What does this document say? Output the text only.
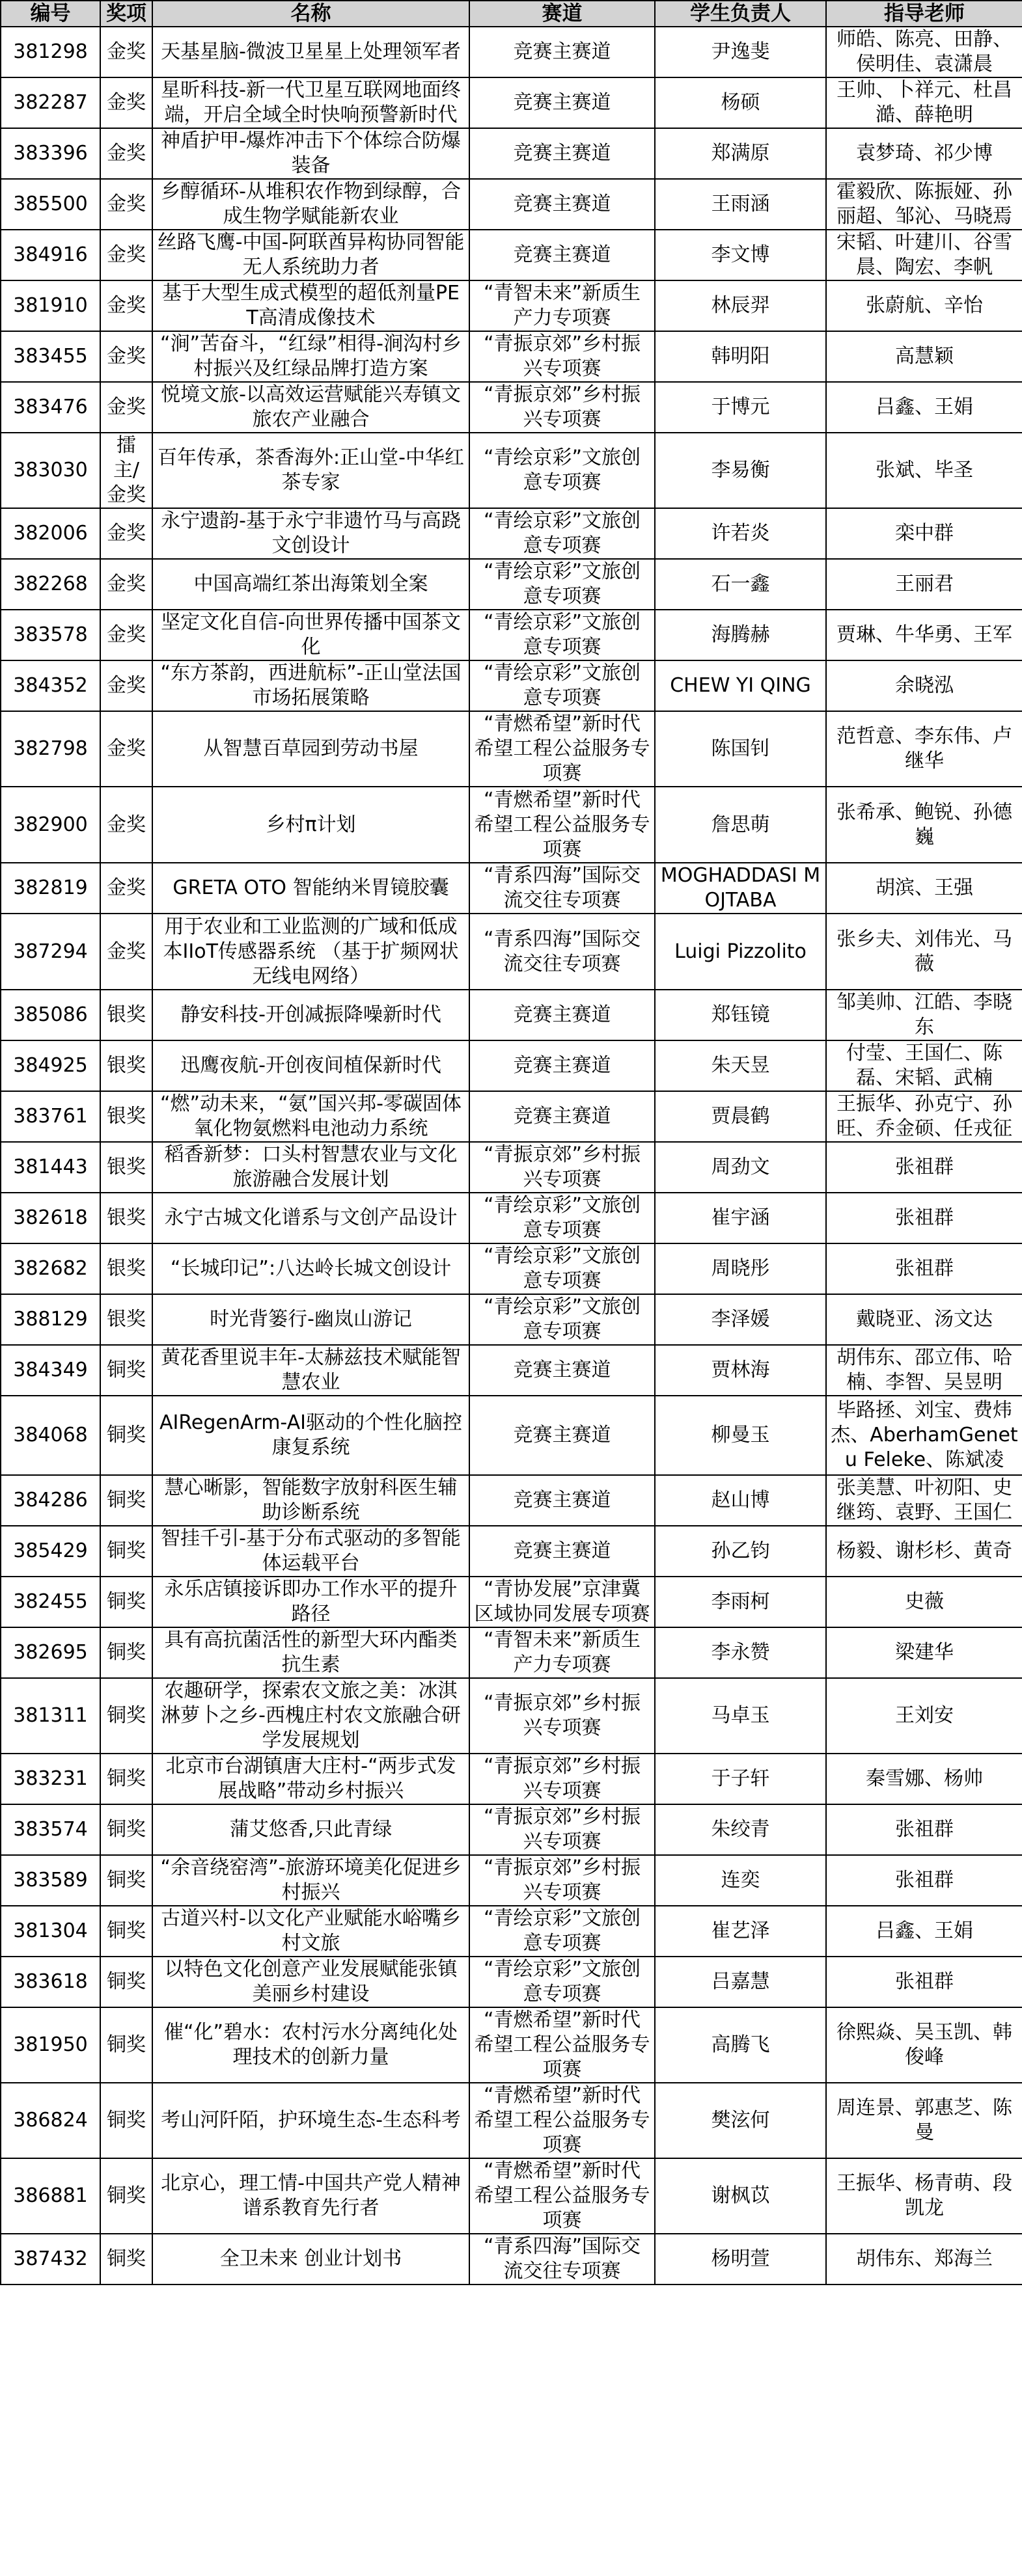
编号	奖项	名称	赛道	学生负责人	指导老师
381298	金奖	天基星脑-微波卫星星上处理领军者	竞赛主赛道	尹逸斐	师皓、陈亮、田静、侯明佳、袁潇晨
382287	金奖	星昕科技-新一代卫星互联网地面终端，开启全域全时快响预警新时代	竞赛主赛道	杨硕	王帅、卜祥元、杜昌澔、薛艳明
383396	金奖	神盾护甲-爆炸冲击下个体综合防爆装备	竞赛主赛道	郑满原	袁梦琦、祁少博
385500	金奖	乡醇循环-从堆积农作物到绿醇，合成生物学赋能新农业	竞赛主赛道	王雨涵	霍毅欣、陈振娅、孙丽超、邹沁、马晓焉
384916	金奖	丝路飞鹰-中国-阿联酋异构协同智能无人系统助力者	竞赛主赛道	李文博	宋韬、叶建川、谷雪晨、陶宏、李帆
381910	金奖	基于大型生成式模型的超低剂量PET高清成像技术	“青智未来”新质生产力专项赛	林辰羿	张蔚航、辛怡
383455	金奖	“涧”苦奋斗，“红绿”相得-涧沟村乡村振兴及红绿品牌打造方案	“青振京郊”乡村振兴专项赛	韩明阳	高慧颖
383476	金奖	悦境文旅-以高效运营赋能兴寿镇文旅农产业融合	“青振京郊”乡村振兴专项赛	于博元	吕鑫、王娟
383030	擂主/金奖	百年传承，茶香海外:正山堂-中华红茶专家	“青绘京彩”文旅创意专项赛	李易衡	张斌、毕圣
382006	金奖	永宁遗韵-基于永宁非遗竹马与高跷文创设计	“青绘京彩”文旅创意专项赛	许若炎	栾中群
382268	金奖	中国高端红茶出海策划全案	“青绘京彩”文旅创意专项赛	石一鑫	王丽君
383578	金奖	坚定文化自信-向世界传播中国茶文化	“青绘京彩”文旅创意专项赛	海腾赫	贾琳、牛华勇、王军
384352	金奖	“东方茶韵，西进航标”-正山堂法国市场拓展策略	“青绘京彩”文旅创意专项赛	CHEW YI QING	余晓泓
382798	金奖	从智慧百草园到劳动书屋	“青燃希望”新时代希望工程公益服务专项赛	陈国钊	范哲意、李东伟、卢继华
382900	金奖	乡村π计划	“青燃希望”新时代希望工程公益服务专项赛	詹思萌	张希承、鲍锐、孙德巍
382819	金奖	GRETA OTO 智能纳米胃镜胶囊	“青系四海”国际交流交往专项赛	MOGHADDASI MOJTABA	胡滨、王强
387294	金奖	用于农业和工业监测的广域和低成本IIoT传感器系统 （基于扩频网状无线电网络）	“青系四海”国际交流交往专项赛	Luigi Pizzolito	张乡夫、刘伟光、马薇
385086	银奖	静安科技-开创减振降噪新时代	竞赛主赛道	郑钰镜	邹美帅、江皓、李晓东
384925	银奖	迅鹰夜航-开创夜间植保新时代	竞赛主赛道	朱天昱	付莹、王国仁、陈磊、宋韬、武楠
383761	银奖	“燃”动未来，“氨”国兴邦-零碳固体氧化物氨燃料电池动力系统	竞赛主赛道	贾晨鹤	王振华、孙克宁、孙旺、乔金硕、任戎征
381443	银奖	稻香新梦：口头村智慧农业与文化旅游融合发展计划	“青振京郊”乡村振兴专项赛	周劲文	张祖群
382618	银奖	永宁古城文化谱系与文创产品设计	“青绘京彩”文旅创意专项赛	崔宇涵	张祖群
382682	银奖	“长城印记”:八达岭长城文创设计	“青绘京彩”文旅创意专项赛	周晓彤	张祖群
388129	银奖	时光背篓行-幽岚山游记	“青绘京彩”文旅创意专项赛	李泽媛	戴晓亚、汤文达
384349	铜奖	黄花香里说丰年-太赫兹技术赋能智慧农业	竞赛主赛道	贾林海	胡伟东、邵立伟、哈楠、李智、吴昱明
384068	铜奖	AIRegenArm-AI驱动的个性化脑控康复系统	竞赛主赛道	柳曼玉	毕路拯、刘宝、费炜杰、AberhamGenetu Feleke、陈斌凌
384286	铜奖	慧心晰影，智能数字放射科医生辅助诊断系统	竞赛主赛道	赵山博	张美慧、叶初阳、史继筠、袁野、王国仁
385429	铜奖	智挂千引-基于分布式驱动的多智能体运载平台	竞赛主赛道	孙乙钧	杨毅、谢杉杉、黄奇
382455	铜奖	永乐店镇接诉即办工作水平的提升路径	“青协发展”京津冀区域协同发展专项赛	李雨柯	史薇
382695	铜奖	具有高抗菌活性的新型大环内酯类抗生素	“青智未来”新质生产力专项赛	李永赞	梁建华
381311	铜奖	农趣研学，探索农文旅之美：冰淇淋萝卜之乡-西槐庄村农文旅融合研学发展规划	“青振京郊”乡村振兴专项赛	马卓玉	王刘安
383231	铜奖	北京市台湖镇唐大庄村-“两步式发展战略”带动乡村振兴	“青振京郊”乡村振兴专项赛	于子轩	秦雪娜、杨帅
383574	铜奖	蒲艾悠香,只此青绿	“青振京郊”乡村振兴专项赛	朱绞青	张祖群
383589	铜奖	“余音绕窑湾”-旅游环境美化促进乡村振兴	“青振京郊”乡村振兴专项赛	连奕	张祖群
381304	铜奖	古道兴村-以文化产业赋能水峪嘴乡村文旅	“青绘京彩”文旅创意专项赛	崔艺泽	吕鑫、王娟
383618	铜奖	以特色文化创意产业发展赋能张镇美丽乡村建设	“青绘京彩”文旅创意专项赛	吕嘉慧	张祖群
381950	铜奖	催“化”碧水：农村污水分离纯化处理技术的创新力量	“青燃希望”新时代希望工程公益服务专项赛	高腾飞	徐熙焱、吴玉凯、韩俊峰
386824	铜奖	考山河阡陌，护环境生态-生态科考	“青燃希望”新时代希望工程公益服务专项赛	樊泫何	周连景、郭惠芝、陈曼
386881	铜奖	北京心，理工情-中国共产党人精神谱系教育先行者	“青燃希望”新时代希望工程公益服务专项赛	谢枫苡	王振华、杨青萌、段凯龙
387432	铜奖	全卫未来 创业计划书	“青系四海”国际交流交往专项赛	杨明萱	胡伟东、郑海兰
